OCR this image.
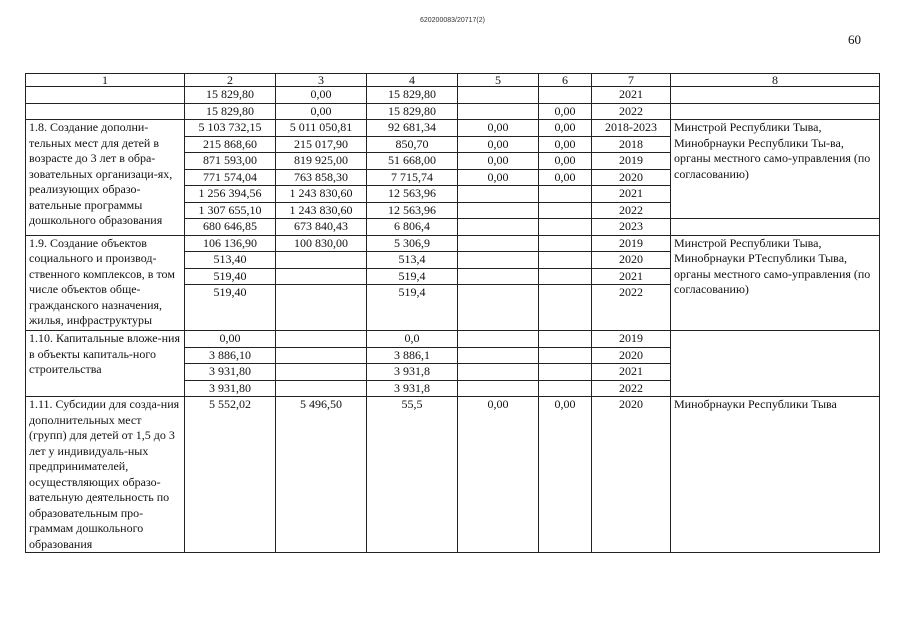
620200083/20717(2)
60
1	2	3	4	5	6	7	8
	15 829,80	0,00	15 829,80			2021	
	15 829,80	0,00	15 829,80		0,00	2022	
1.8. Создание дополни-тельных мест для детей в возрасте до 3 лет в обра-зовательных организаци-ях, реализующих образо-вательные программы дошкольного образования	5 103 732,15	5 011 050,81	92 681,34	0,00	0,00	2018-2023	Минстрой Республики Тыва, Минобрнауки Республики Ты-ва, органы местного само-управления (по согласованию)
	215 868,60	215 017,90	850,70	0,00	0,00	2018	
	871 593,00	819 925,00	51 668,00	0,00	0,00	2019	
	771 574,04	763 858,30	7 715,74	0,00	0,00	2020	
	1 256 394,56	1 243 830,60	12 563,96			2021	
	1 307 655,10	1 243 830,60	12 563,96			2022	
	680 646,85	673 840,43	6 806,4			2023	
1.9. Создание объектов социального и производ-ственного комплексов, в том числе объектов обще-гражданского назначения, жилья, инфраструктуры	106 136,90	100 830,00	5 306,9			2019	Минстрой Республики Тыва, Минобрнауки РТеспублики Тыва, органы местного само-управления (по согласованию)
	513,40		513,4			2020	
	519,40		519,4			2021	
	519,40		519,4			2022	
1.10. Капитальные вложе-ния в объекты капиталь-ного строительства	0,00		0,0			2019	
	3 886,10		3 886,1			2020	
	3 931,80		3 931,8			2021	
	3 931,80		3 931,8			2022	
1.11. Субсидии для созда-ния дополнительных мест (групп) для детей от 1,5 до 3 лет у индивидуаль-ных предпринимателей, осуществляющих образо-вательную деятельность по образовательным про-граммам дошкольного образования	5 552,02	5 496,50	55,5	0,00	0,00	2020	Минобрнауки Республики Тыва
